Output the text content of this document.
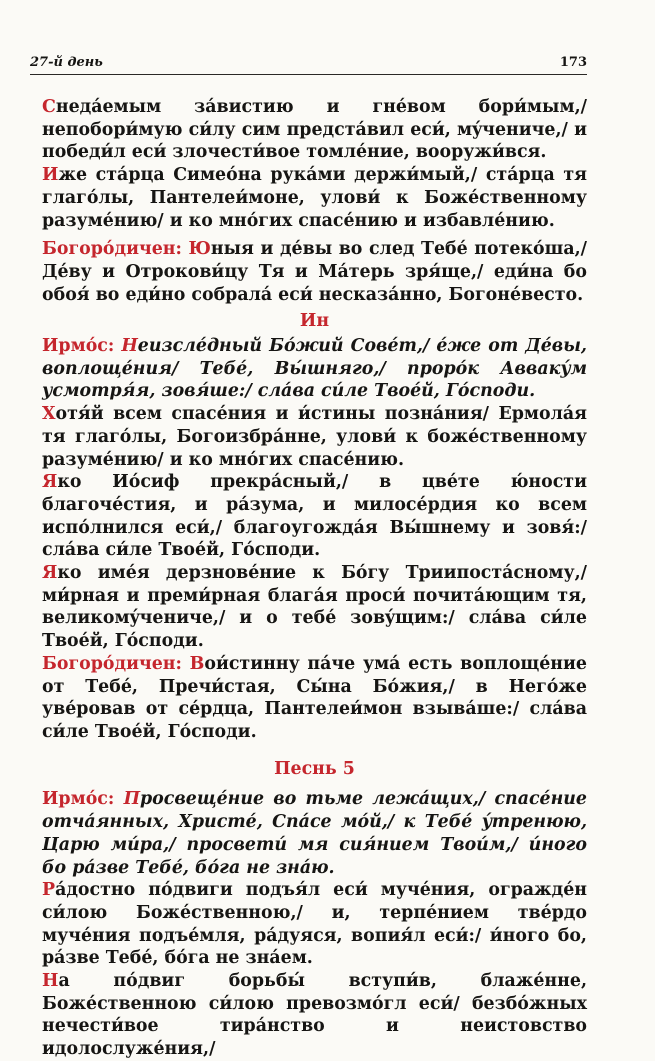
27-й день	173

Снедáемым зáвистию и гнéвом бори́мым,/ непобори́мую си́лу сим предстáвил еси́, мýчениче,/ и победи́л еси́ злочести́вое томлéние, вооружи́вся.

Иже стáрца Симеóна рукáми держи́мый,/ стáрца тя глагóлы, Пантелеи́моне, улови́ к Божéственному разумéнию/ и ко мнóгих спасéнию и избавлéнию.

Богорóдичен: Юныя и дéвы во след Тебé потекóша,/ Дéву и Отрокови́цу Тя и Мáтерь зря́ще,/ еди́на бо обоя́ во еди́но собралá еси́ несказáнно, Богонéвесто.

Ин

Ирмóс: Неизслéдный Бóжий Совéт,/ éже от Дéвы, воплощéния/ Тебé, Вы́шняго,/ прорóк Аввакýм усмотря́я, зовя́ше:/ слáва си́ле Твоéй, Гóсподи.

Хотя́й всем спасéния и и́стины познáния/ Ермолáя тя глагóлы, Богоизбрáнне, улови́ к божéственному разумéнию/ и ко мнóгих спасéнию.

Яко Иóсиф прекрáсный,/ в цвéте ю́ности благочéстия, и рáзума, и милосéрдия ко всем испóлнился еси́,/ благоугождáя Вы́шнему и зовя́:/ слáва си́ле Твоéй, Гóсподи.

Яко имéя дерзновéние к Бóгу Триипостáсному,/ ми́рная и преми́рная благáя проси́ почитáющим тя, великомýчениче,/ и о тебé зовýщим:/ слáва си́ле Твоéй, Гóсподи.

Богорóдичен: Вoи́стинну пáче умá есть воплощéние от Тебé, Пречи́стая, Сы́на Бóжия,/ в Негóже увéровав от сéрдца, Пантелеи́мон взывáше:/ слáва си́ле Твоéй, Гóсподи.

Песнь 5

Ирмóс: Просвещéние во тьме лежáщих,/ спасéние отчáянных, Христé, Спáсе мóй,/ к Тебé ýтренюю, Царю ми́ра,/ просвети́ мя сия́нием Твои́м,/ и́ного бо рáзве Тебé, бóга не знáю.

Рáдостно пóдвиги подъя́л еси́ мучéния, ограждéн си́лою Божéственною,/ и, терпéнием твéрдо мучéния подъéмля, рáдуяся, вопия́л еси́:/ и́ного бо, рáзве Тебé, бóга не знáем.

На пóдвиг борьбы́ вступи́в, блажéнне, Божéственною си́лою превозмóгл еси́/ безбóжных нечести́вое тирáнство и неистовство идолослужéния,/
